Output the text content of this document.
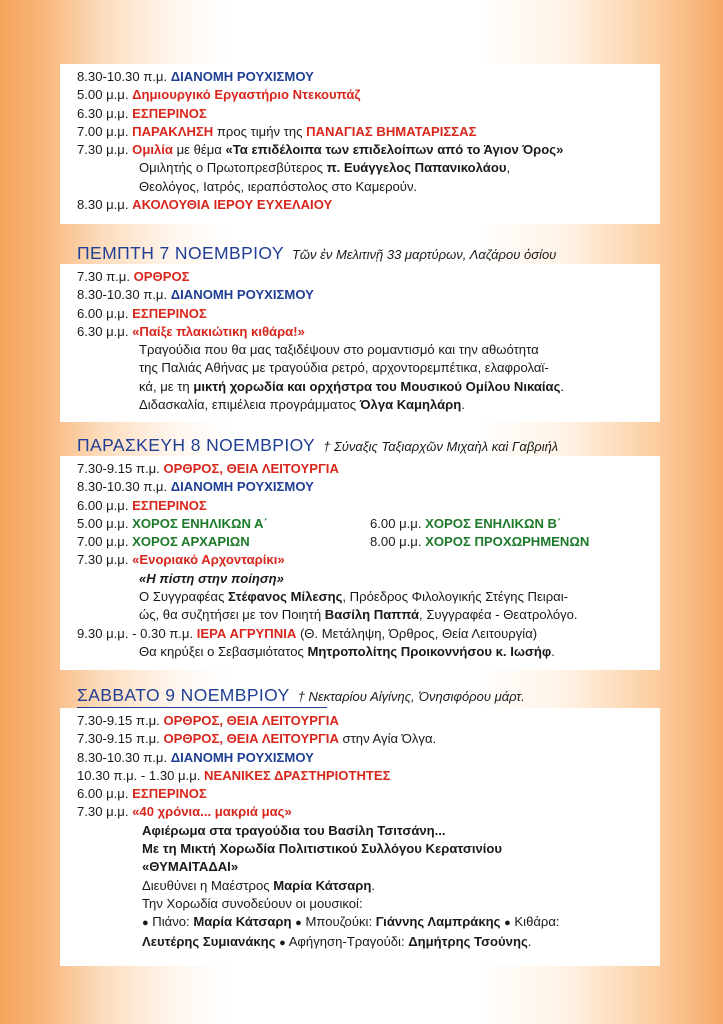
8.30-10.30 π.μ. ΔΙΑΝΟΜΗ ΡΟΥΧΙΣΜΟΥ
5.00 μ.μ. Δημιουργικό Εργαστήριο Ντεκουπάζ
6.30 μ.μ. ΕΣΠΕΡΙΝΟΣ
7.00 μ.μ. ΠΑΡΑΚΛΗΣΗ προς τιμήν της ΠΑΝΑΓΙΑΣ ΒΗΜΑΤΑΡΙΣΣΑΣ
7.30 μ.μ. Ομιλία με θέμα «Τα επιδέλοιπα των επιδελοίπων από το Άγιον Όρος»
Ομιλητής ο Πρωτοπρεσβύτερος π. Ευάγγελος Παπανικολάου,
Θεολόγος, Ιατρός, ιεραπόστολος στο Καμερούν.
8.30 μ.μ. ΑΚΟΛΟΥΘΙΑ ΙΕΡΟΥ ΕΥΧΕΛΑΙΟΥ
ΠΕΜΠΤΗ 7 ΝΟΕΜΒΡΙΟΥ Τῶν ἐν Μελιτινῇ 33 μαρτύρων, Λαζάρου ὁσίου
7.30 π.μ. ΟΡΘΡΟΣ
8.30-10.30 π.μ. ΔΙΑΝΟΜΗ ΡΟΥΧΙΣΜΟΥ
6.00 μ.μ. ΕΣΠΕΡΙΝΟΣ
6.30 μ.μ. «Παίξε πλακιώτικη κιθάρα!»
Τραγούδια που θα μας ταξιδέψουν στο ρομαντισμό και την αθωότητα
της Παλιάς Αθήνας με τραγούδια ρετρό, αρχοντορεμπέτικα, ελαφρολαϊ-
κά, με τη μικτή χορωδία και ορχήστρα του Μουσικού Ομίλου Νικαίας.
Διδασκαλία, επιμέλεια προγράμματος Όλγα Καμηλάρη.
ΠΑΡΑΣΚΕΥΗ 8 ΝΟΕΜΒΡΙΟΥ † Σύναξις Ταξιαρχῶν Μιχαὴλ καὶ Γαβριήλ
7.30-9.15 π.μ. ΟΡΘΡΟΣ, ΘΕΙΑ ΛΕΙΤΟΥΡΓΙΑ
8.30-10.30 π.μ. ΔΙΑΝΟΜΗ ΡΟΥΧΙΣΜΟΥ
6.00 μ.μ. ΕΣΠΕΡΙΝΟΣ
5.00 μ.μ. ΧΟΡΟΣ ΕΝΗΛΙΚΩΝ Α΄	6.00 μ.μ. ΧΟΡΟΣ ΕΝΗΛΙΚΩΝ Β΄
7.00 μ.μ. ΧΟΡΟΣ ΑΡΧΑΡΙΩΝ	8.00 μ.μ. ΧΟΡΟΣ ΠΡΟΧΩΡΗΜΕΝΩΝ
7.30 μ.μ. «Ενοριακό Αρχονταρίκι»
«Η πίστη στην ποίηση»
Ο Συγγραφέας Στέφανος Μίλεσης, Πρόεδρος Φιλολογικής Στέγης Πειραι-
ώς, θα συζητήσει με τον Ποιητή Βασίλη Παππά, Συγγραφέα - Θεατρολόγο.
9.30 μ.μ. - 0.30 π.μ. ΙΕΡΑ ΑΓΡΥΠΝΙΑ (Θ. Μετάληψη, Όρθρος, Θεία Λειτουργία)
Θα κηρύξει ο Σεβασμιότατος Μητροπολίτης Προικοννήσου κ. Ιωσήφ.
ΣΑΒΒΑΤΟ 9 ΝΟΕΜΒΡΙΟΥ † Νεκταρίου Αἰγίνης, Ὀνησιφόρου μάρτ.
7.30-9.15 π.μ. ΟΡΘΡΟΣ, ΘΕΙΑ ΛΕΙΤΟΥΡΓΙΑ
7.30-9.15 π.μ. ΟΡΘΡΟΣ, ΘΕΙΑ ΛΕΙΤΟΥΡΓΙΑ στην Αγία Όλγα.
8.30-10.30 π.μ. ΔΙΑΝΟΜΗ ΡΟΥΧΙΣΜΟΥ
10.30 π.μ. - 1.30 μ.μ. ΝΕΑΝΙΚΕΣ ΔΡΑΣΤΗΡΙΟΤΗΤΕΣ
6.00 μ.μ. ΕΣΠΕΡΙΝΟΣ
7.30 μ.μ. «40 χρόνια... μακριά μας»
Αφιέρωμα στα τραγούδια του Βασίλη Τσιτσάνη...
Με τη Μικτή Χορωδία Πολιτιστικού Συλλόγου Κερατσινίου
«ΘΥΜΑΙΤΑΔΑΙ»
Διευθύνει η Μαέστρος Μαρία Κάτσαρη.
Την Χορωδία συνοδεύουν οι μουσικοί:
● Πιάνο: Μαρία Κάτσαρη ● Μπουζούκι: Γιάννης Λαμπράκης ● Κιθάρα:
Λευτέρης Συμιανάκης ● Αφήγηση-Τραγούδι: Δημήτρης Τσούνης.
